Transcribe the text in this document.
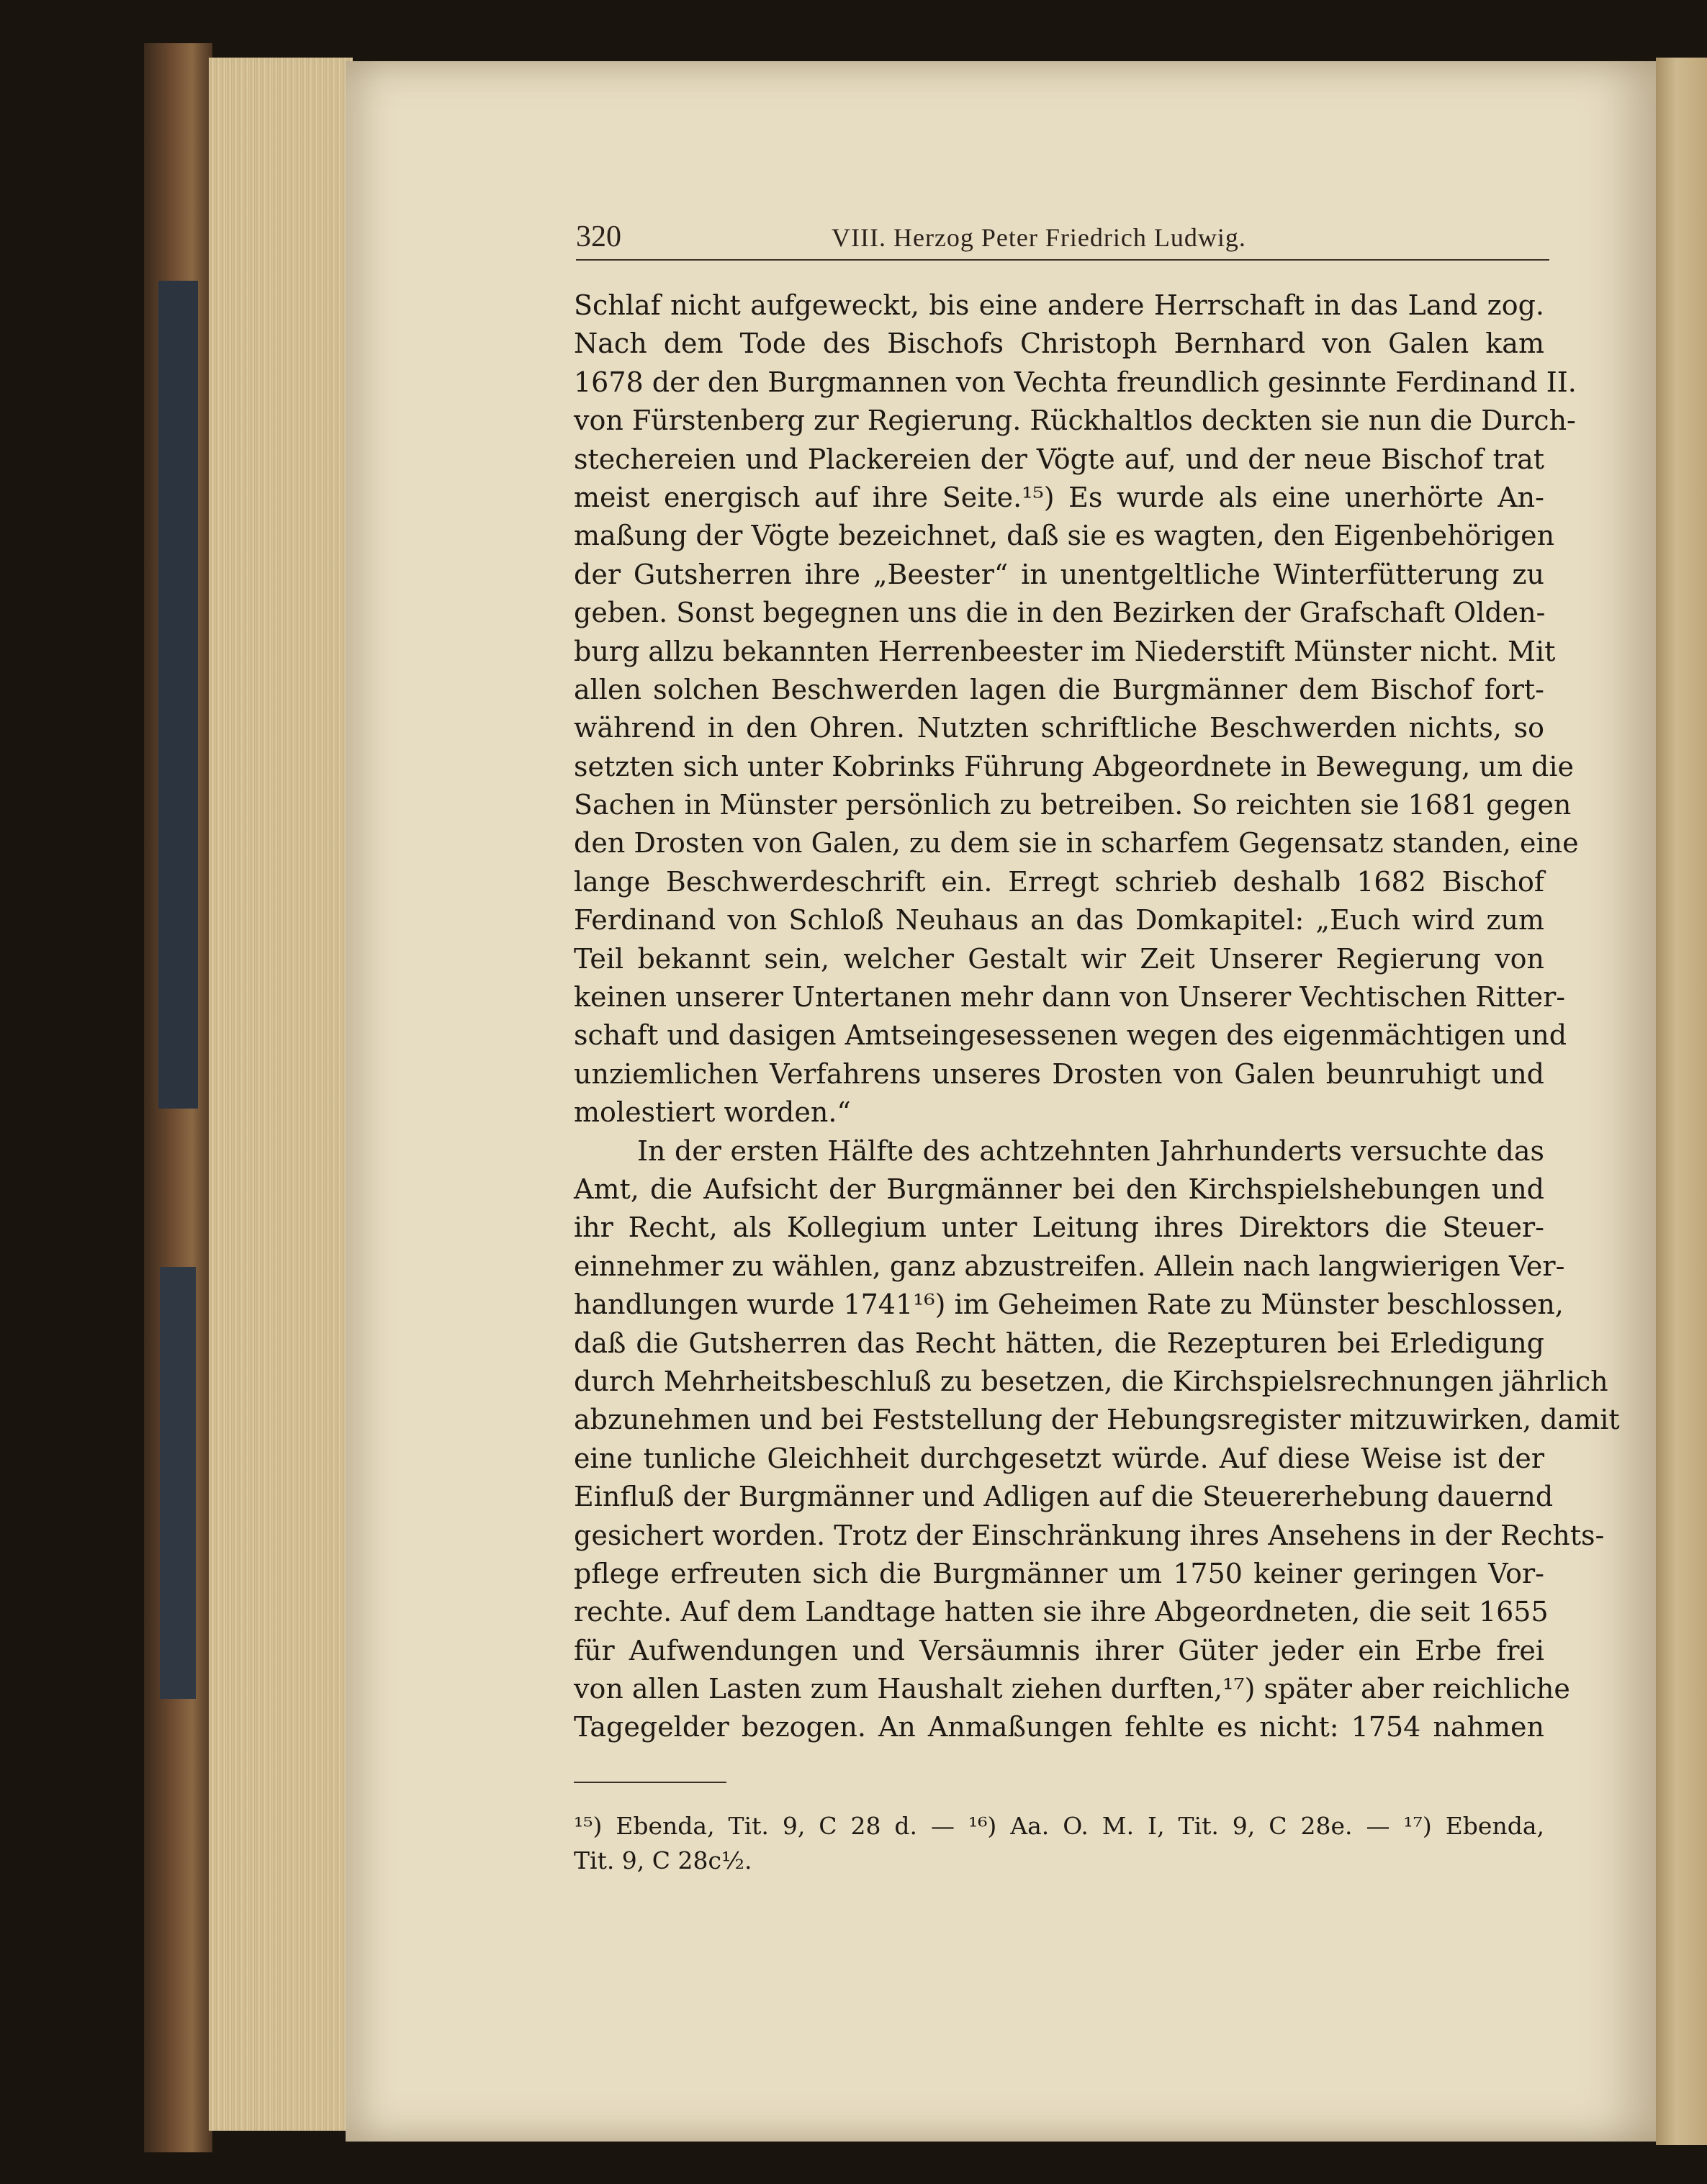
320	VIII. Herzog Peter Friedrich Ludwig.
Schlaf nicht aufgeweckt, bis eine andere Herrschaft in das Land zog.
Nach dem Tode des Bischofs Christoph Bernhard von Galen kam
1678 der den Burgmannen von Vechta freundlich gesinnte Ferdinand II.
von Fürstenberg zur Regierung. Rückhaltlos deckten sie nun die Durch-
stechereien und Plackereien der Vögte auf, und der neue Bischof trat
meist energisch auf ihre Seite.¹⁵) Es wurde als eine unerhörte An-
maßung der Vögte bezeichnet, daß sie es wagten, den Eigenbehörigen
der Gutsherren ihre „Beester“ in unentgeltliche Winterfütterung zu
geben. Sonst begegnen uns die in den Bezirken der Grafschaft Olden-
burg allzu bekannten Herrenbeester im Niederstift Münster nicht. Mit
allen solchen Beschwerden lagen die Burgmänner dem Bischof fort-
während in den Ohren. Nutzten schriftliche Beschwerden nichts, so
setzten sich unter Kobrinks Führung Abgeordnete in Bewegung, um die
Sachen in Münster persönlich zu betreiben. So reichten sie 1681 gegen
den Drosten von Galen, zu dem sie in scharfem Gegensatz standen, eine
lange Beschwerdeschrift ein. Erregt schrieb deshalb 1682 Bischof
Ferdinand von Schloß Neuhaus an das Domkapitel: „Euch wird zum
Teil bekannt sein, welcher Gestalt wir Zeit Unserer Regierung von
keinen unserer Untertanen mehr dann von Unserer Vechtischen Ritter-
schaft und dasigen Amtseingesessenen wegen des eigenmächtigen und
unziemlichen Verfahrens unseres Drosten von Galen beunruhigt und
molestiert worden.“
In der ersten Hälfte des achtzehnten Jahrhunderts versuchte das
Amt, die Aufsicht der Burgmänner bei den Kirchspielshebungen und
ihr Recht, als Kollegium unter Leitung ihres Direktors die Steuer-
einnehmer zu wählen, ganz abzustreifen. Allein nach langwierigen Ver-
handlungen wurde 1741¹⁶) im Geheimen Rate zu Münster beschlossen,
daß die Gutsherren das Recht hätten, die Rezepturen bei Erledigung
durch Mehrheitsbeschluß zu besetzen, die Kirchspielsrechnungen jährlich
abzunehmen und bei Feststellung der Hebungsregister mitzuwirken, damit
eine tunliche Gleichheit durchgesetzt würde. Auf diese Weise ist der
Einfluß der Burgmänner und Adligen auf die Steuererhebung dauernd
gesichert worden. Trotz der Einschränkung ihres Ansehens in der Rechts-
pflege erfreuten sich die Burgmänner um 1750 keiner geringen Vor-
rechte. Auf dem Landtage hatten sie ihre Abgeordneten, die seit 1655
für Aufwendungen und Versäumnis ihrer Güter jeder ein Erbe frei
von allen Lasten zum Haushalt ziehen durften,¹⁷) später aber reichliche
Tagegelder bezogen. An Anmaßungen fehlte es nicht: 1754 nahmen
¹⁵) Ebenda, Tit. 9, C 28 d. — ¹⁶) Aa. O. M. I, Tit. 9, C 28e. — ¹⁷) Ebenda,
Tit. 9, C 28c½.
